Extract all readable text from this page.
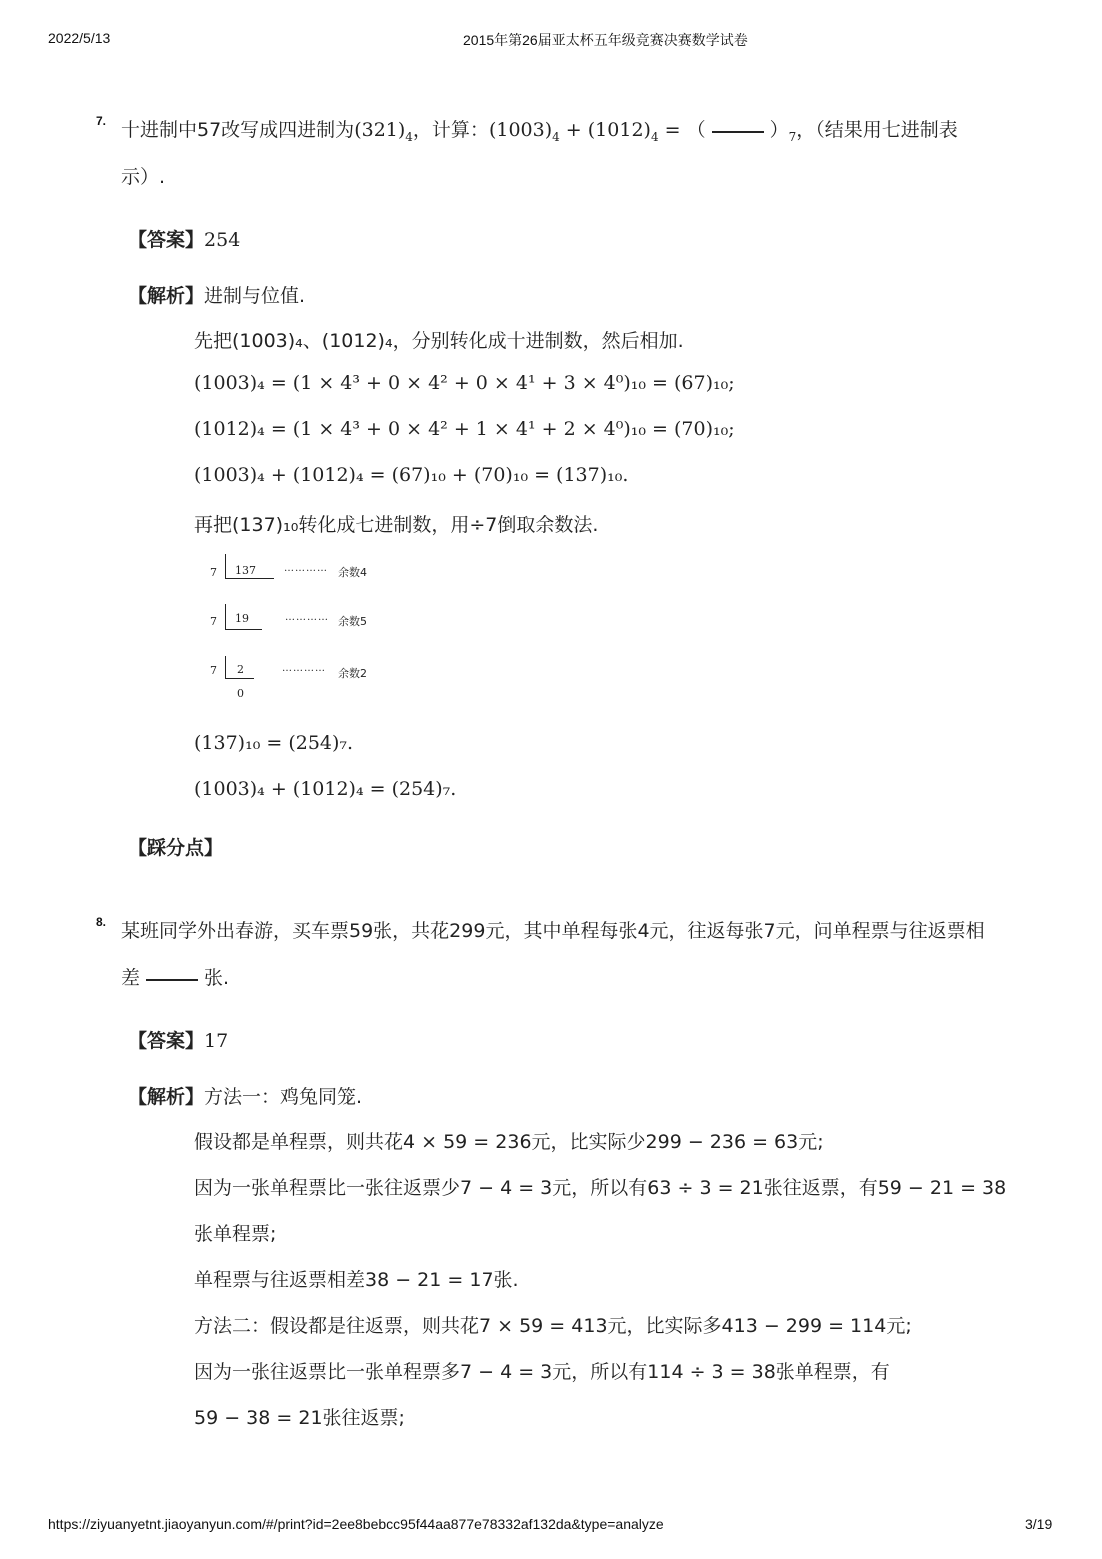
2022/5/13	2015年第26届亚太杯五年级竞赛决赛数学试卷
7. 十进制中57改写成四进制为$(321)_4$，计算：$(1003)_4 + (1012)_4$ = （	）$_7$，（结果用七进制表
示）.
【答案】254
【解析】进制与位值.
先把(1003)₄、(1012)₄，分别转化成十进制数，然后相加.
(1003)₄ = (1 × 4³ + 0 × 4² + 0 × 4¹ + 3 × 4⁰)₁₀ = (67)₁₀;
(1012)₄ = (1 × 4³ + 0 × 4² + 1 × 4¹ + 2 × 4⁰)₁₀ = (70)₁₀;
(1003)₄ + (1012)₄ = (67)₁₀ + (70)₁₀ = (137)₁₀.
再把(137)₁₀转化成七进制数，用÷7倒取余数法.
7 137	………… 余数4
7 19	………… 余数5
7 2	………… 余数2
0
(137)₁₀ = (254)₇.
(1003)₄ + (1012)₄ = (254)₇.
【踩分点】
8. 某班同学外出春游，买车票59张，共花299元，其中单程每张4元，往返每张7元，问单程票与往返票相
差	张.
【答案】17
【解析】方法一：鸡兔同笼.
假设都是单程票，则共花4 × 59 = 236元，比实际少299 − 236 = 63元;
因为一张单程票比一张往返票少7 − 4 = 3元，所以有63 ÷ 3 = 21张往返票，有59 − 21 = 38
张单程票;
单程票与往返票相差38 − 21 = 17张.
方法二：假设都是往返票，则共花7 × 59 = 413元，比实际多413 − 299 = 114元;
因为一张往返票比一张单程票多7 − 4 = 3元，所以有114 ÷ 3 = 38张单程票，有
59 − 38 = 21张往返票;
https://ziyuanyetnt.jiaoyanyun.com/#/print?id=2ee8bebcc95f44aa877e78332af132da&type=analyze	3/19
